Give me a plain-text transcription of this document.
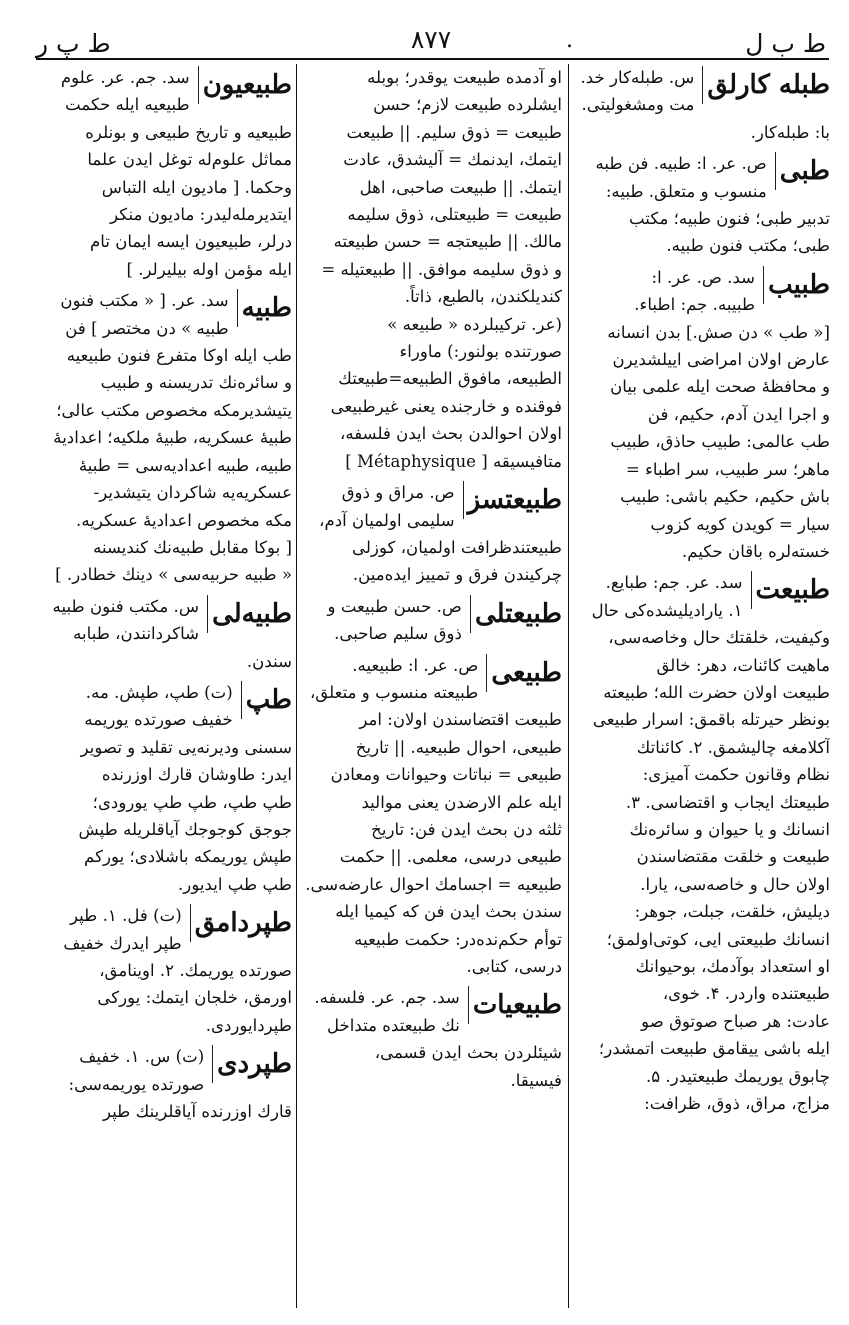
ط ب ل
۸۷۷	.
ط پ ر
طبله کارلق

س. طبله‌کار خد.

مت ومشغولیتی.

با: طبله‌کار.

طبی

ص. عر. ا: طبیه. فن طبه

منسوب و متعلق. طبیه:

تدبیر طبی؛ فنون طبیه؛ مکتب

طبی؛ مکتب فنون طبیه.

طبیب

سد. ص. عر. ا:

طبیبه. جم: اطباء.

[« طب » دن صش.] بدن انسانه

عارض اولان امراضی اییلشدیرن

و محافظهٔ صحت ایله علمی بیان

و اجرا ایدن آدم، حکیم، فن

طب عالمی: طبیب حاذق، طبیب

ماهر؛ سر طبیب، سر اطباء =

باش حکیم، حکیم باشی: طبیب

سیار = کویدن کویه کزوب

خسته‌لره باقان حکیم.

طبیعت

سد. عر. جم: طبایع.

۱. یارادیلیشده‌کی حال

وکیفیت، خلقتك حال وخاصه‌سی،

ماهیت کائنات، دهر: خالق

طبیعت اولان حضرت الله؛ طبیعته

بونظر حیرتله باقمق: اسرار طبیعی

آکلامغه چالیشمق. ۲. کائناتك

نظام وقانون حکمت آمیزی:

طبیعتك ایجاب و اقتضاسی. ۳.

انسانك و یا حیوان و سائره‌نك

طبیعت و خلقت مقتضاسندن

اولان حال و خاصه‌سی، یارا.

دیلیش، خلقت، جبلت، جوهر:

انسانك طبیعتی ایی، کوتی‌اولمق؛

او استعداد بوآدمك، بوحیوانك

طبیعتنده واردر. ۴. خوی،

عادت: هر صباح صوتوق صو

ایله باشی ییقامق طبیعت اتمشدر؛

چابوق یوریمك طبیعتیدر. ۵.

مزاج، مراق، ذوق، ظرافت:

او آدمده طبیعت یوقدر؛ بوبله

ایشلرده طبیعت لازم؛ حسن

طبیعت = ذوق سلیم. || طبیعت

ایتمك، ایدنمك = آلیشدق، عادت

ایتمك. || طبیعت صاحبی، اهل

طبیعت = طبیعتلی، ذوق سلیمه

مالك. || طبیعتجه = حسن طبیعته

و ذوق سلیمه موافق. || طبیعتیله =

کندیلکندن، بالطبع، ذاتاً.

(عر. ترکیبلرده « طبیعه »

صورتنده بولنور:) ماوراء

الطبیعه، مافوق الطبیعه=طبیعتك

فوقنده و خارجنده یعنی غیرطبیعی

اولان احوالدن بحث ایدن فلسفه،

متافیسیقه [ Métaphysique ]

طبیعتسز

ص. مراق و ذوق

سلیمی اولمیان آدم،

طبیعتندظرافت اولمیان، کوزلی

چرکیندن فرق و تمییز ایده‌مین.

طبیعتلی

ص. حسن طبیعت و

ذوق سلیم صاحبی.

طبیعی

ص. عر. ا: طبیعیه.

طبیعته منسوب و متعلق،

طبیعت اقتضاسندن اولان: امر

طبیعی، احوال طبیعیه. || تاریخ

طبیعی = نباتات وحیوانات ومعادن

ایله علم الارضدن یعنی موالید

ثلثه دن بحث ایدن فن: تاریخ

طبیعی درسی، معلمی. || حکمت

طبیعیه = اجسامك احوال عارضه‌سی.

سندن بحث ایدن فن که کیمیا ایله

توأم حکم‌نده‌در: حکمت طبیعیه

درسی، کتابی.

طبیعیات

سد. جم. عر. فلسفه.

نك طبیعتده متداخل

شیئلردن بحث ایدن قسمی،

فیسیقا.

طبیعیون

سد. جم. عر. علوم

طبیعیه ایله حکمت

طبیعیه و تاریخ طبیعی و بونلره

مماثل علوم‌له توغل ایدن علما

وحکما. [ مادیون ایله التباس

ایتدیرمله‌لیدر: مادیون منکر

درلر، طبیعیون ایسه ایمان تام

ایله مؤمن اوله بیلیرلر. ]

طبیه

سد. عر. [ « مکتب فنون

طبیه » دن مختصر ] فن

طب ایله اوکا متفرع فنون طبیعیه

و سائره‌نك تدریسنه و طبیب

یتیشدیرمکه مخصوص مکتب عالی؛

طبیهٔ عسکریه، طبیهٔ ملکیه؛ اعدادیهٔ

طبیه، طبیه اعدادیه‌سی = طبیهٔ

عسکریه‌یه شاکردان یتیشدیر-

مکه مخصوص اعدادیهٔ عسکریه.

[ بوکا مقابل طبیه‌نك کندیسنه

« طبیه حربیه‌سی » دینك خطادر. ]

طبیه‌لی

س. مکتب فنون طبیه

شاکردانندن، طبابه

سندن.

طپ

(ت) طپ، طپش. مه.

خفیف صورتده یوریمه

سسنی ودیرنه‌یی تقلید و تصویر

ایدر: طاوشان قارك اوزرنده

طپ طپ، طپ طپ یورودی؛

جوجق کوجوجك آیاقلریله طپش

طپش یوریمکه باشلادی؛ یورکم

طپ طپ ایدیور.

طپردامق

(ت) فل. ۱. طپر

طپر ایدرك خفیف

صورتده یوریمك. ۲. اوینامق،

اورمق، خلجان ایتمك: یورکی

طپردایوردی.

طپردی

(ت) س. ۱. خفیف

صورتده یوریمه‌سی:

قارك اوزرنده آیاقلرینك طپر
